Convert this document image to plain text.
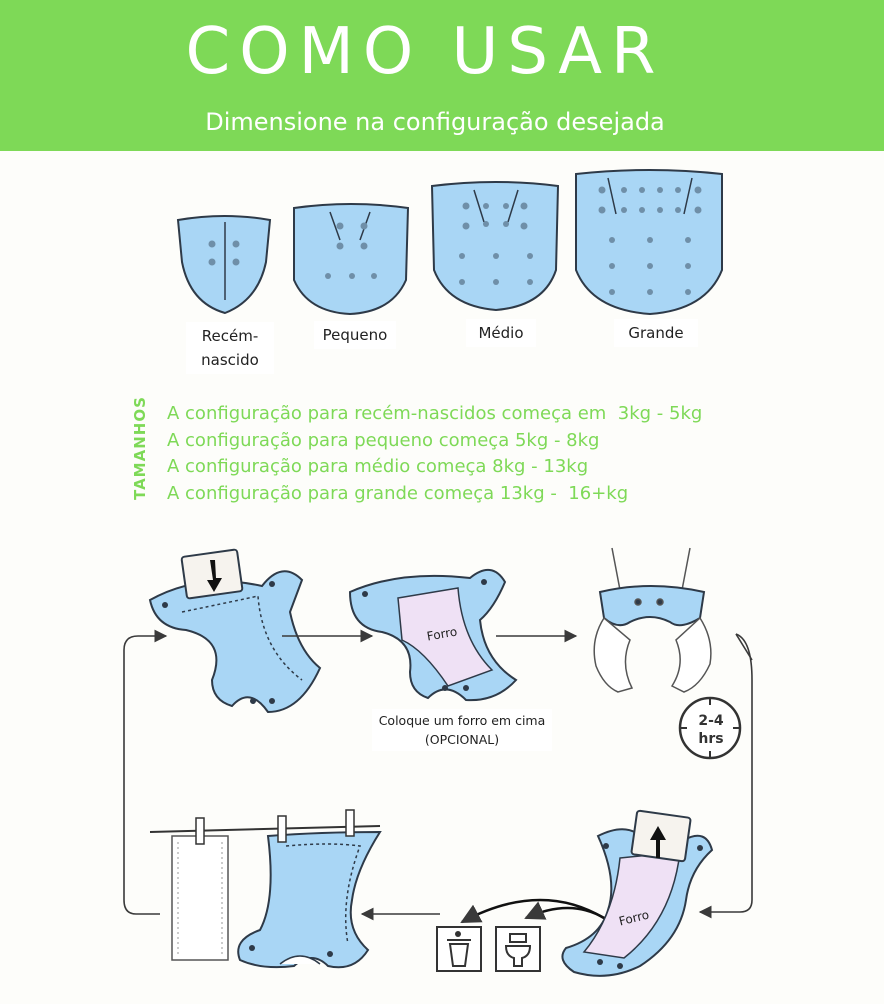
COMO USAR
Dimensione na configuração desejada
Forro
2-4
hrs
Forro
Recém-
nascido
Pequeno	Médio	Grande
TAMANHOS A configuração para recém-nascidos começa em  3kg - 5kg
A configuração para pequeno começa 5kg - 8kg
A configuração para médio começa 8kg - 13kg
A configuração para grande começa 13kg -  16+kg
Coloque um forro em cima
(OPCIONAL)
